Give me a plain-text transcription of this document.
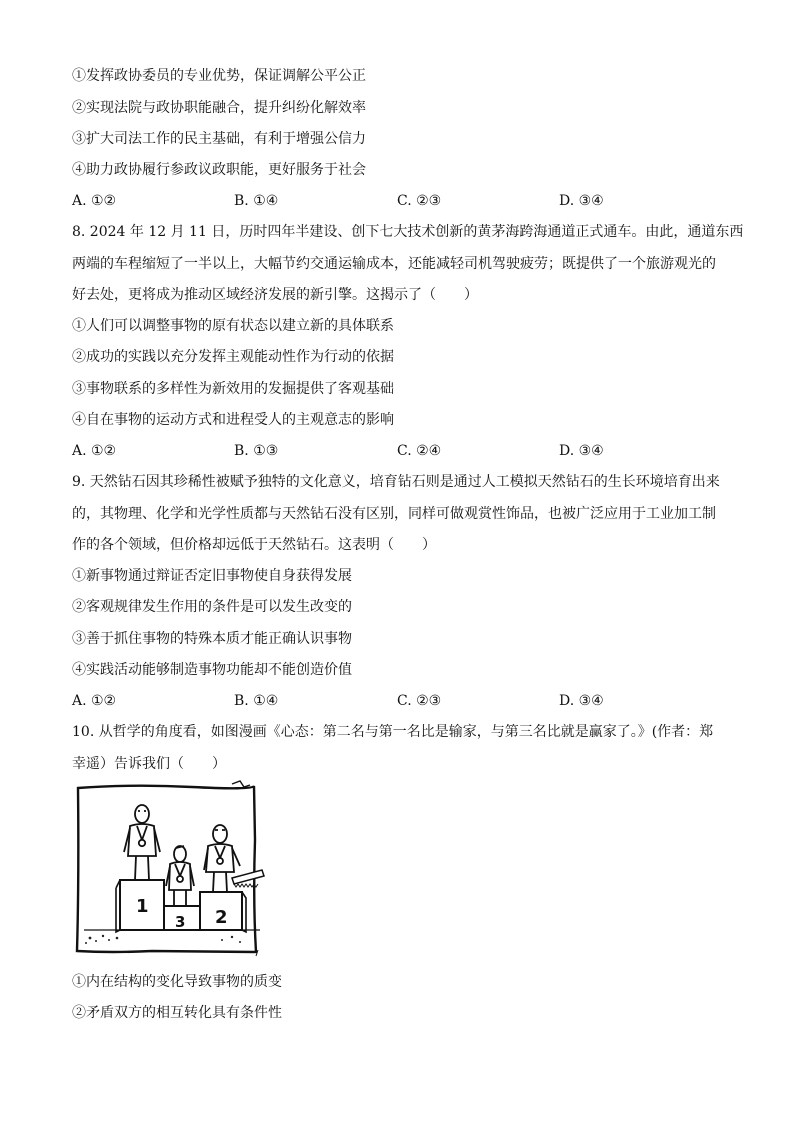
①发挥政协委员的专业优势，保证调解公平公正
②实现法院与政协职能融合，提升纠纷化解效率
③扩大司法工作的民主基础，有利于增强公信力
④助力政协履行参政议政职能，更好服务于社会
A. ①②	B. ①④	C. ②③	D. ③④
8. 2024 年 12 月 11 日，历时四年半建设、创下七大技术创新的黄茅海跨海通道正式通车。由此，通道东西
两端的车程缩短了一半以上，大幅节约交通运输成本，还能减轻司机驾驶疲劳；既提供了一个旅游观光的
好去处，更将成为推动区域经济发展的新引擎。这揭示了（　　）
①人们可以调整事物的原有状态以建立新的具体联系
②成功的实践以充分发挥主观能动性作为行动的依据
③事物联系的多样性为新效用的发掘提供了客观基础
④自在事物的运动方式和进程受人的主观意志的影响
A. ①②	B. ①③	C. ②④	D. ③④
9. 天然钻石因其珍稀性被赋予独特的文化意义，培育钻石则是通过人工模拟天然钻石的生长环境培育出来
的，其物理、化学和光学性质都与天然钻石没有区别，同样可做观赏性饰品，也被广泛应用于工业加工制
作的各个领域，但价格却远低于天然钻石。这表明（　　）
①新事物通过辩证否定旧事物使自身获得发展
②客观规律发生作用的条件是可以发生改变的
③善于抓住事物的特殊本质才能正确认识事物
④实践活动能够制造事物功能却不能创造价值
A. ①②	B. ①④	C. ②③	D. ③④
10. 从哲学的角度看，如图漫画《心态：第二名与第一名比是输家，与第三名比就是赢家了。》(作者：郑
幸遥）告诉我们（　　）
1
3 2
①内在结构的变化导致事物的质变
②矛盾双方的相互转化具有条件性
